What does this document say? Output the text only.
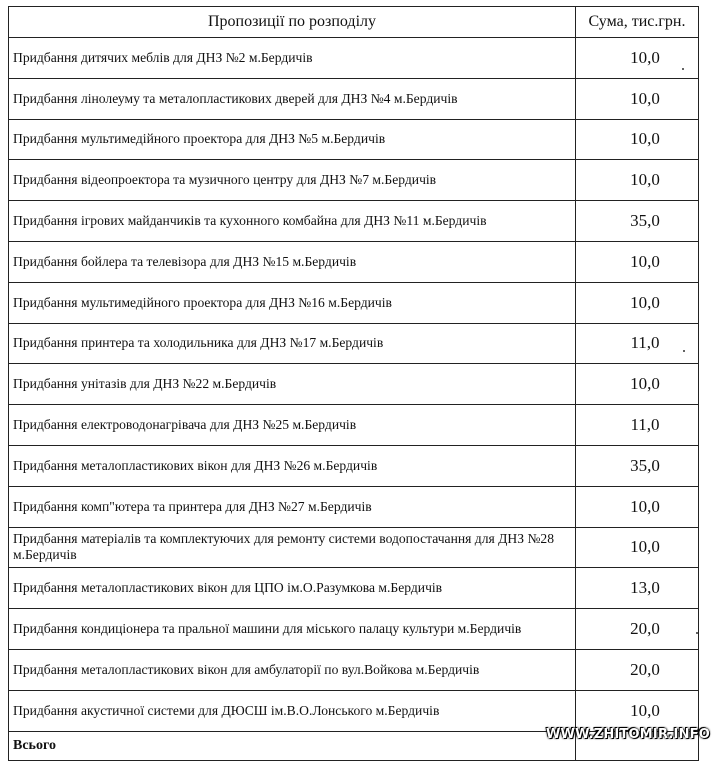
Пропозиції по розподілу	Сума, тис.грн.
Придбання дитячих меблів для ДНЗ №2 м.Бердичів	10,0
Придбання лінолеуму та металопластикових дверей для ДНЗ №4 м.Бердичів	10,0
Придбання мультимедійного проектора для ДНЗ №5 м.Бердичів	10,0
Придбання відеопроектора та музичного центру для ДНЗ №7 м.Бердичів	10,0
Придбання ігрових майданчиків та кухонного комбайна для ДНЗ №11 м.Бердичів	35,0
Придбання бойлера та телевізора для ДНЗ №15 м.Бердичів	10,0
Придбання мультимедійного проектора для ДНЗ №16 м.Бердичів	10,0
Придбання принтера та холодильника для ДНЗ №17 м.Бердичів	11,0
Придбання унітазів для ДНЗ №22 м.Бердичів	10,0
Придбання електроводонагрівача для ДНЗ №25 м.Бердичів	11,0
Придбання металопластикових вікон для ДНЗ №26 м.Бердичів	35,0
Придбання комп"ютера та принтера для ДНЗ №27 м.Бердичів	10,0
Придбання матеріалів та комплектуючих для ремонту системи водопостачання для ДНЗ №28 м.Бердичів	10,0
Придбання металопластикових вікон для ЦПО ім.О.Разумкова м.Бердичів	13,0
Придбання кондиціонера та пральної машини для міського палацу культури м.Бердичів	20,0
Придбання металопластикових вікон для амбулаторії по вул.Войкова м.Бердичів	20,0
Придбання акустичної системи для ДЮСШ ім.В.О.Лонського м.Бердичів	10,0
Всього	
WWW.ZHITOMIR.INFO
